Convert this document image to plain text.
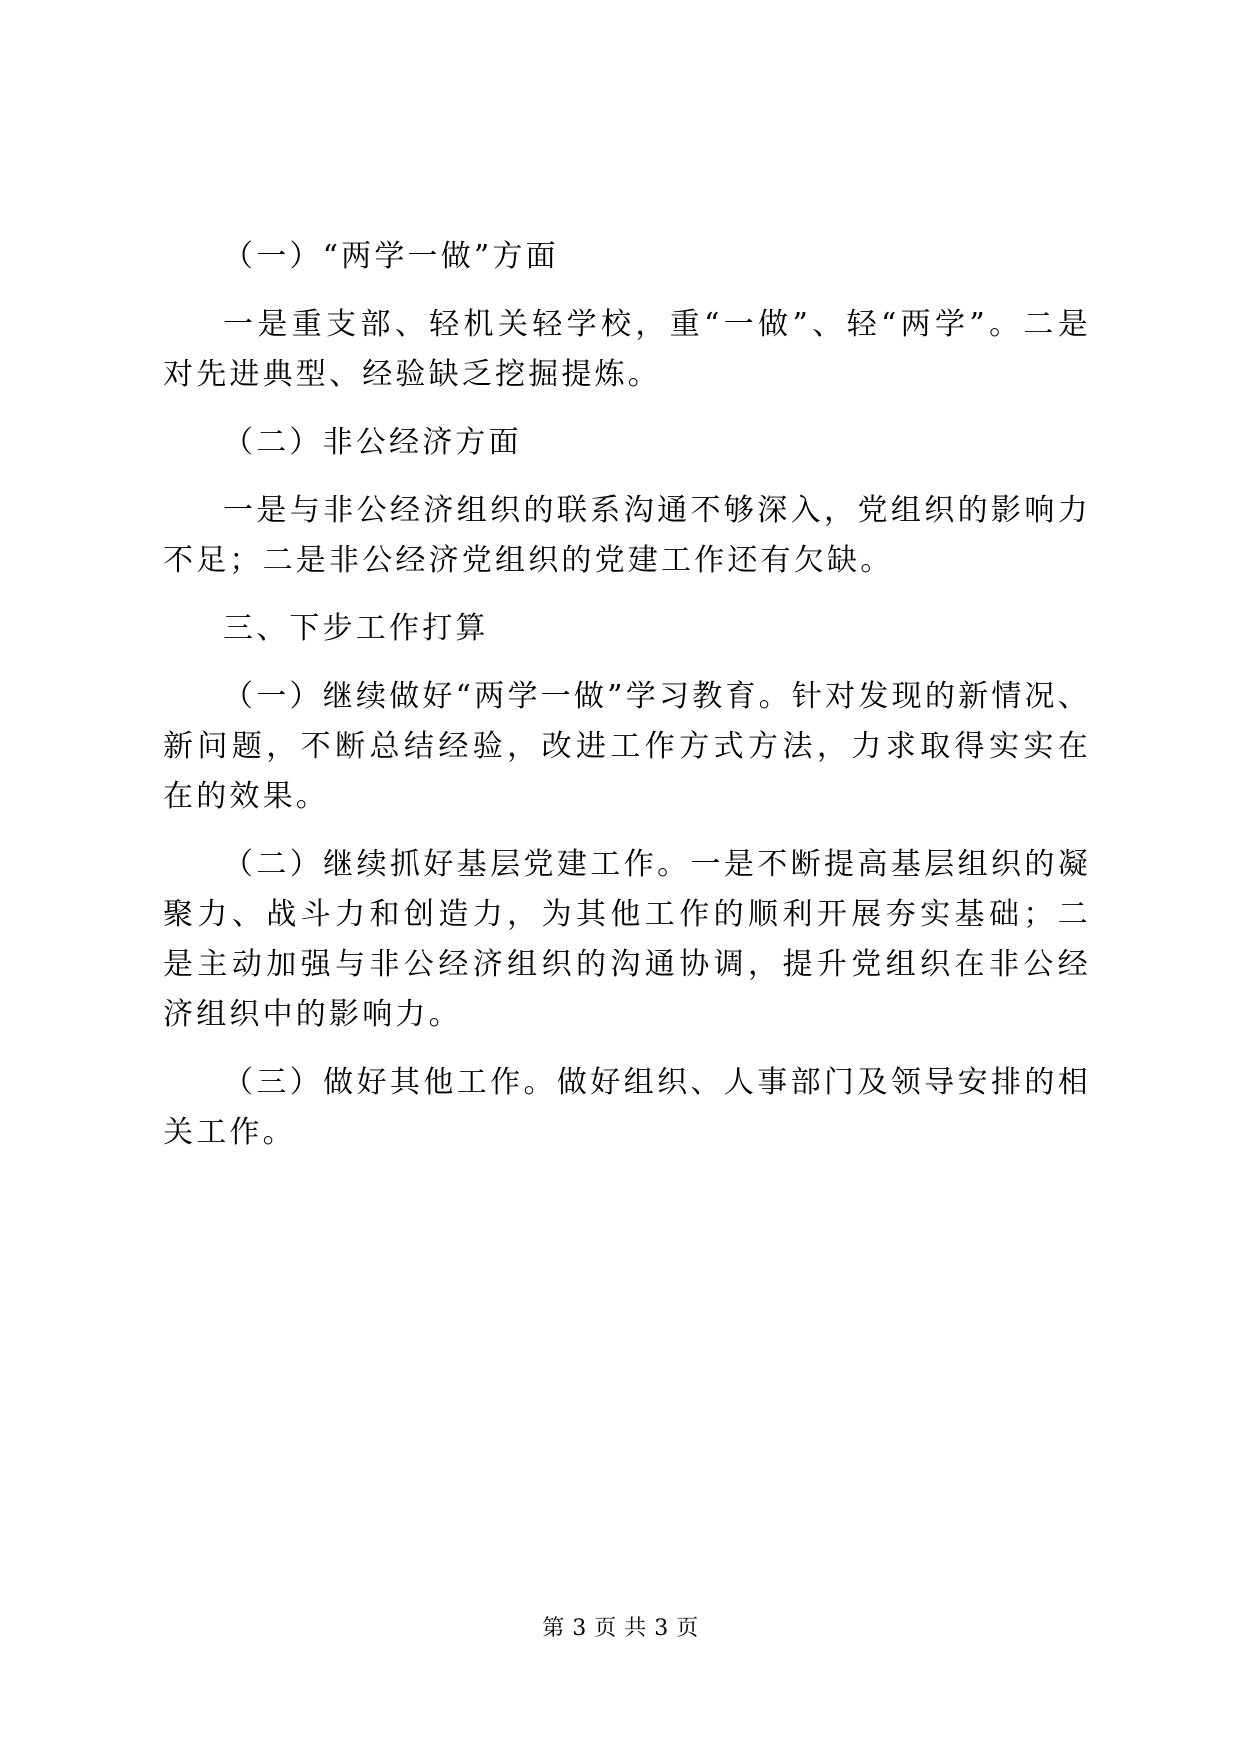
（一）“两学一做”方面

一是重支部、轻机关轻学校，重“一做”、轻“两学”。二是对先进典型、经验缺乏挖掘提炼。

（二）非公经济方面

一是与非公经济组织的联系沟通不够深入，党组织的影响力不足；二是非公经济党组织的党建工作还有欠缺。

三、下步工作打算

（一）继续做好“两学一做”学习教育。针对发现的新情况、新问题，不断总结经验，改进工作方式方法，力求取得实实在在的效果。

（二）继续抓好基层党建工作。一是不断提高基层组织的凝聚力、战斗力和创造力，为其他工作的顺利开展夯实基础；二是主动加强与非公经济组织的沟通协调，提升党组织在非公经济组织中的影响力。

（三）做好其他工作。做好组织、人事部门及领导安排的相关工作。

第 3 页 共 3 页
